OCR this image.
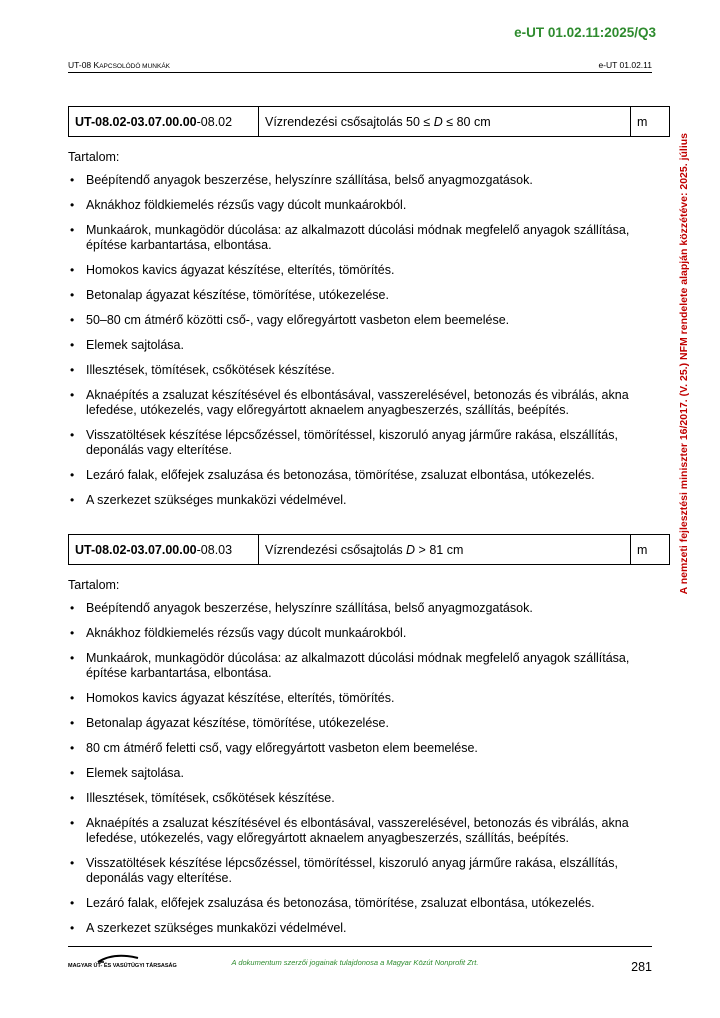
e-UT 01.02.11:2025/Q3
UT-08 KAPCSOLÓDÓ MUNKÁK	e-UT 01.02.11
A nemzeti fejlesztési miniszter 16/2017. (V. 25.) NFM rendelete alapján közzétéve: 2025. július
UT-08.02-03.07.00.00 -08.02	Vízrendezési csősajtolás 50 ≤ D ≤ 80 cm	m
Tartalom:
• Beépítendő anyagok beszerzése, helyszínre szállítása, belső anyagmozgatások.
• Aknákhoz földkiemelés rézsűs vagy dúcolt munkaárokból.
• Munkaárok, munkagödör dúcolása: az alkalmazott dúcolási módnak megfelelő anyagok szállítása, építése karbantartása, elbontása.
• Homokos kavics ágyazat készítése, elterítés, tömörítés.
• Betonalap ágyazat készítése, tömörítése, utókezelése.
• 50–80 cm átmérő közötti cső-, vagy előregyártott vasbeton elem beemelése.
• Elemek sajtolása.
• Illesztések, tömítések, csőkötések készítése.
• Aknaépítés a zsaluzat készítésével és elbontásával, vasszerelésével, betonozás és vibrálás, akna lefedése, utókezelés, vagy előregyártott aknaelem anyagbeszerzés, szállítás, beépítés.
• Visszatöltések készítése lépcsőzéssel, tömörítéssel, kiszoruló anyag járműre rakása, elszállítás, deponálás vagy elterítése.
• Lezáró falak, előfejek zsaluzása és betonozása, tömörítése, zsaluzat elbontása, utókezelés.
• A szerkezet szükséges munkaközi védelmével.
UT-08.02-03.07.00.00 -08.03	Vízrendezési csősajtolás D > 81 cm	m
Tartalom:
• Beépítendő anyagok beszerzése, helyszínre szállítása, belső anyagmozgatások.
• Aknákhoz földkiemelés rézsűs vagy dúcolt munkaárokból.
• Munkaárok, munkagödör dúcolása: az alkalmazott dúcolási módnak megfelelő anyagok szállítása, építése karbantartása, elbontása.
• Homokos kavics ágyazat készítése, elterítés, tömörítés.
• Betonalap ágyazat készítése, tömörítése, utókezelése.
• 80 cm átmérő feletti cső, vagy előregyártott vasbeton elem beemelése.
• Elemek sajtolása.
• Illesztések, tömítések, csőkötések készítése.
• Aknaépítés a zsaluzat készítésével és elbontásával, vasszerelésével, betonozás és vibrálás, akna lefedése, utókezelés, vagy előregyártott aknaelem anyagbeszerzés, szállítás, beépítés.
• Visszatöltések készítése lépcsőzéssel, tömörítéssel, kiszoruló anyag járműre rakása, elszállítás, deponálás vagy elterítése.
• Lezáró falak, előfejek zsaluzása és betonozása, tömörítése, zsaluzat elbontása, utókezelés.
• A szerkezet szükséges munkaközi védelmével.
MAGYAR ÚT- ÉS VASÚTÜGYI TÁRSASÁG	A dokumentum szerzői jogainak tulajdonosa a Magyar Közút Nonprofit Zrt.	281
